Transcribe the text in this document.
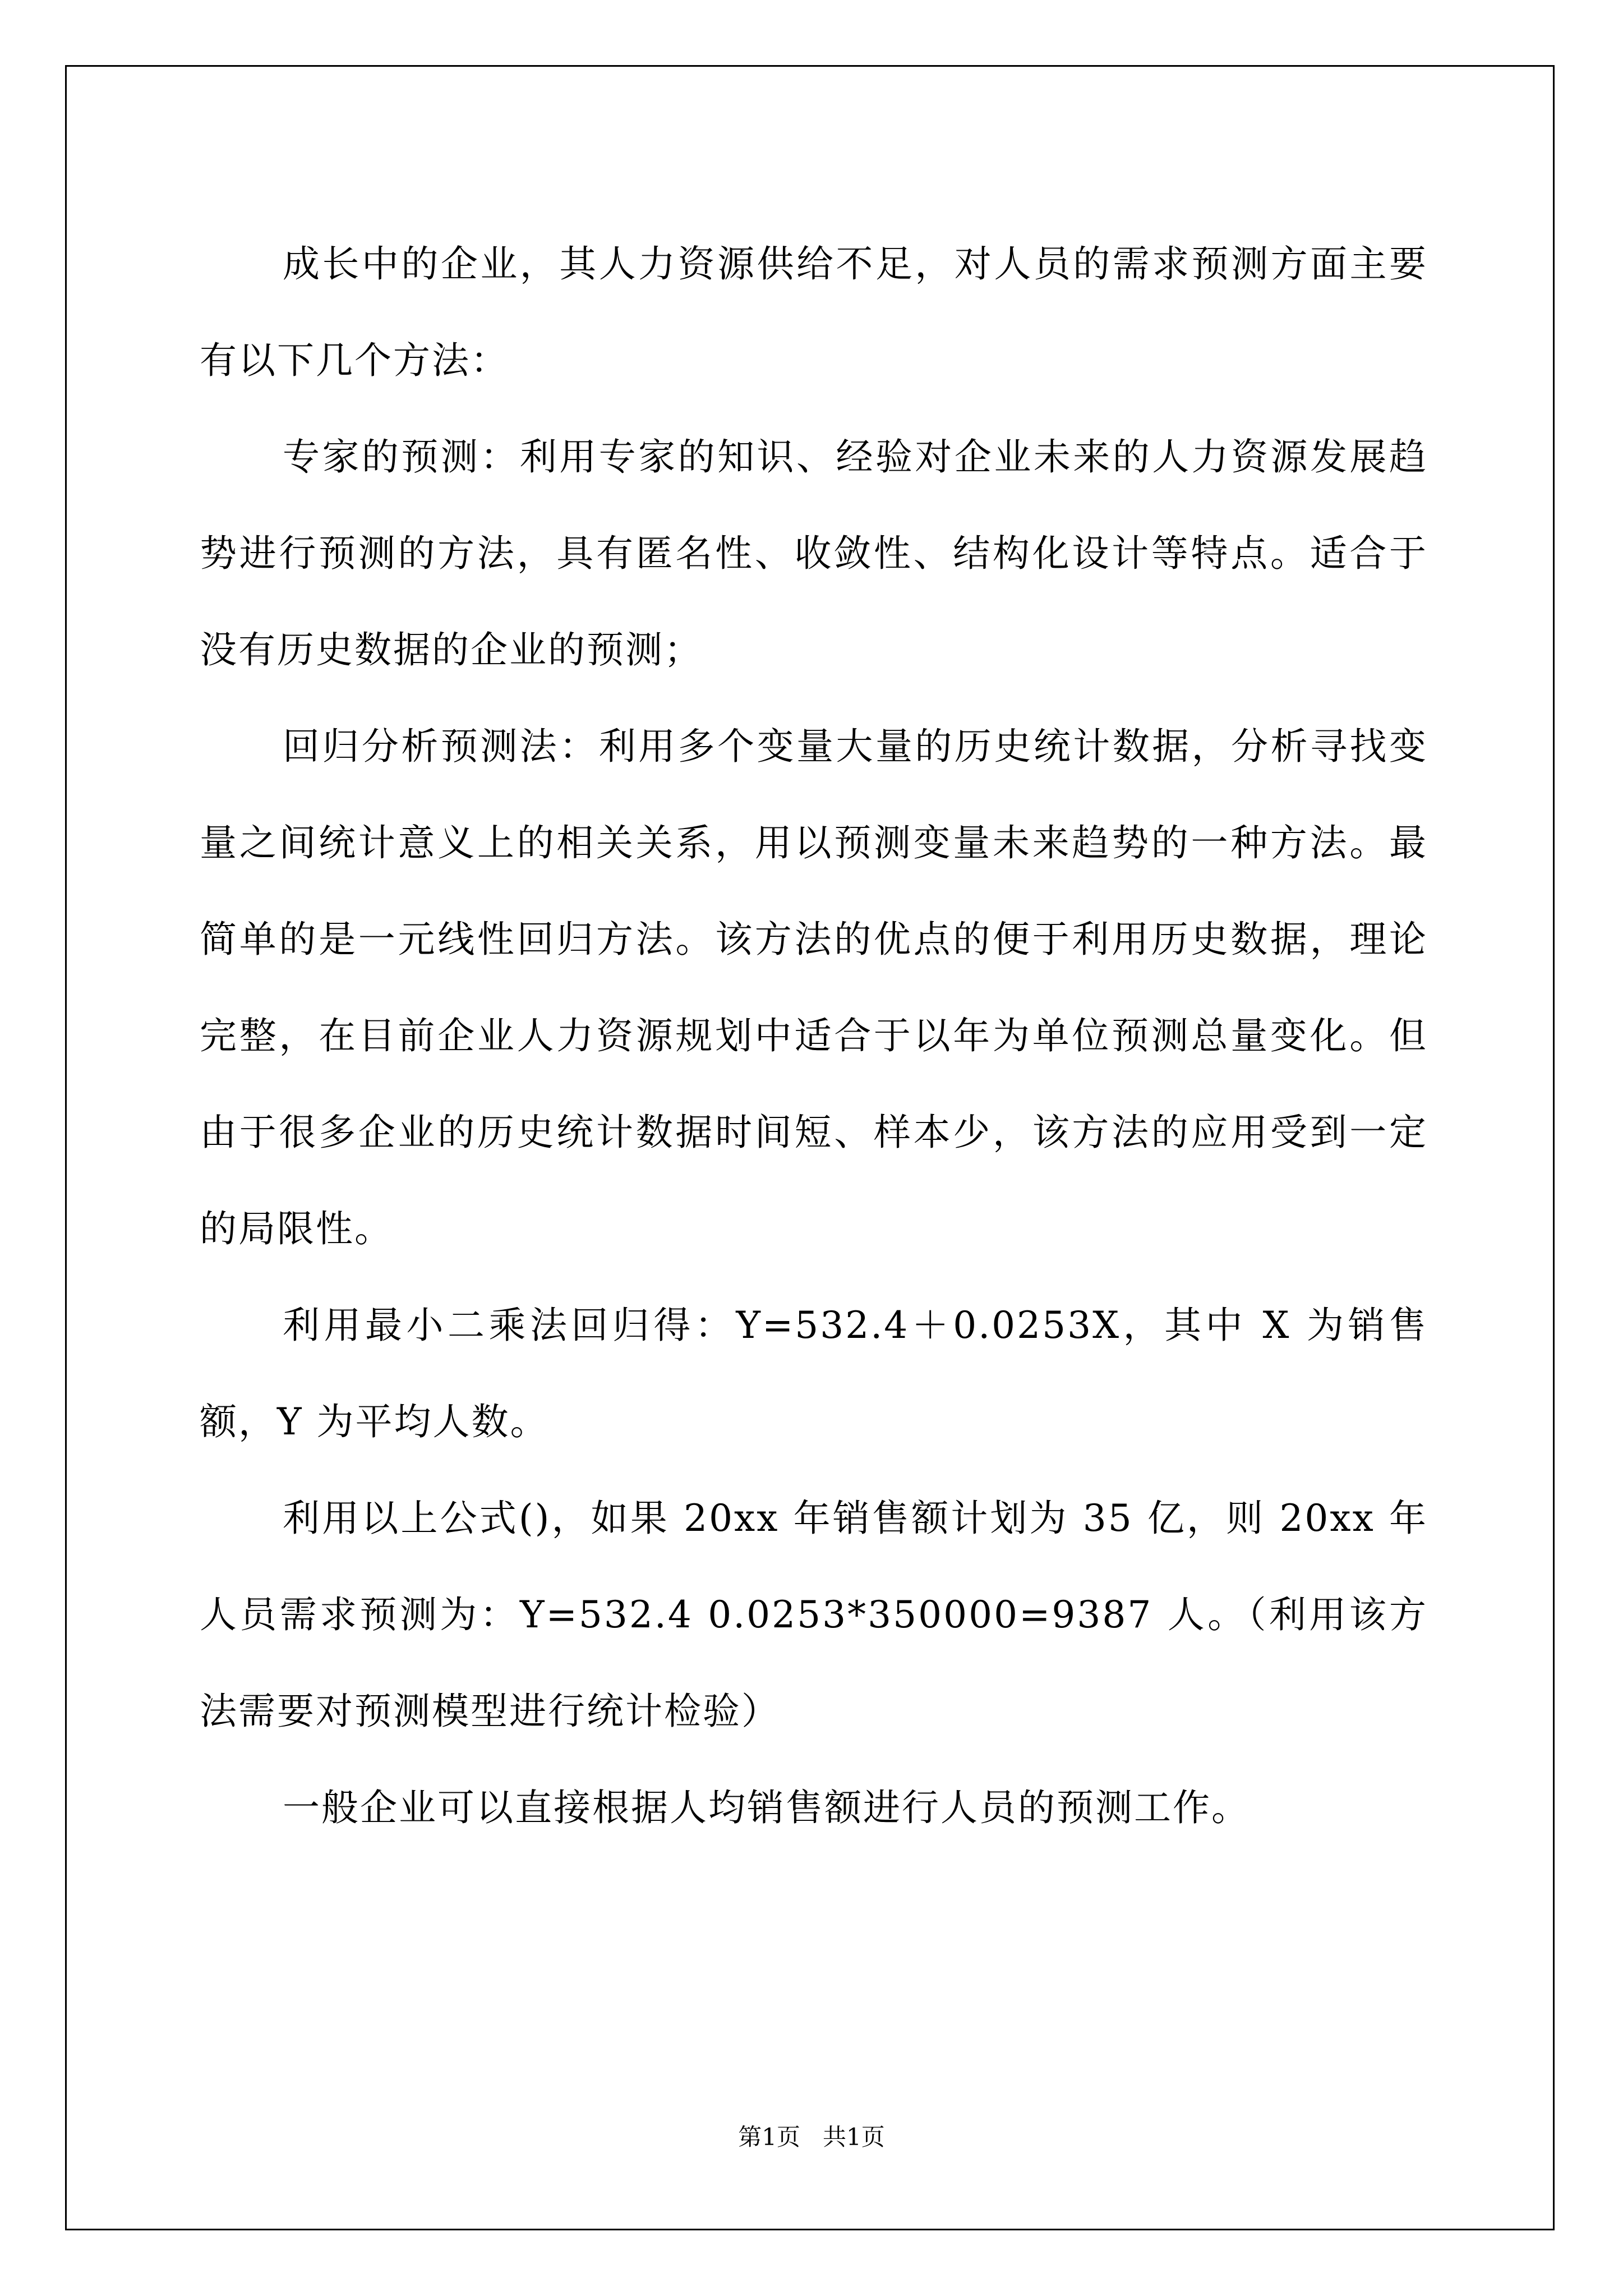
成长中的企业，其人力资源供给不足，对人员的需求预测方面主要有以下几个方法：

专家的预测：利用专家的知识、经验对企业未来的人力资源发展趋势进行预测的方法，具有匿名性、收敛性、结构化设计等特点。适合于没有历史数据的企业的预测；

回归分析预测法：利用多个变量大量的历史统计数据，分析寻找变量之间统计意义上的相关关系，用以预测变量未来趋势的一种方法。最简单的是一元线性回归方法。该方法的优点的便于利用历史数据，理论完整，在目前企业人力资源规划中适合于以年为单位预测总量变化。但由于很多企业的历史统计数据时间短、样本少，该方法的应用受到一定的局限性。

利用最小二乘法回归得：Y=532.4＋0.0253X，其中 X 为销售额，Y 为平均人数。

利用以上公式()，如果 20xx 年销售额计划为 35 亿，则 20xx 年人员需求预测为：Y=532.4 0.0253*350000=9387 人。（利用该方法需要对预测模型进行统计检验）

一般企业可以直接根据人均销售额进行人员的预测工作。

第1页 共1页
